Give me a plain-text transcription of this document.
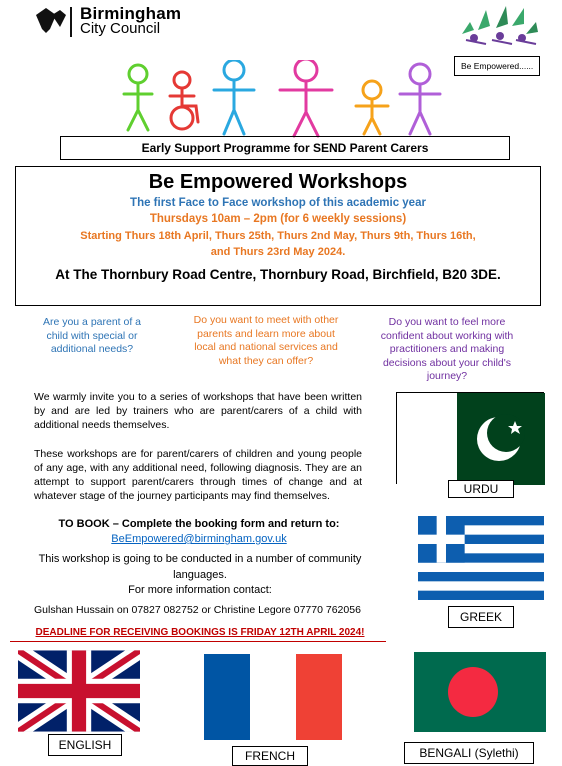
Birmingham
City Council
Be Empowered......
Early Support Programme for SEND Parent Carers
Be Empowered Workshops
The first Face to Face workshop of this academic year
Thursdays 10am – 2pm (for 6 weekly sessions)
Starting Thurs 18th April, Thurs 25th, Thurs 2nd May, Thurs 9th, Thurs 16th,
and Thurs 23rd May 2024.
At The Thornbury Road Centre, Thornbury Road, Birchfield, B20 3DE.
Are you a parent of a child with special or additional needs?
Do you want to meet with other parents and learn more about local and national services and what they can offer?
Do you want to feel more confident about working with practitioners and making decisions about your child's journey?
We warmly invite you to a series of workshops that have been written by and are led by trainers who are parent/carers of a child with additional needs themselves.
These workshops are for parent/carers of children and young people of any age, with any additional need, following diagnosis. They are an attempt to support parent/carers through times of change and at whatever stage of the journey participants may find themselves.	URDU
TO BOOK – Complete the booking form and return to:
BeEmpowered@birmingham.gov.uk
This workshop is going to be conducted in a number of community
languages.
For more information contact:
Gulshan Hussain on 07827 082752 or Christine Legore 07770 762056
DEADLINE FOR RECEIVING BOOKINGS IS FRIDAY 12TH APRIL 2024!
GREEK
ENGLISH
FRENCH	BENGALI (Sylethi)
